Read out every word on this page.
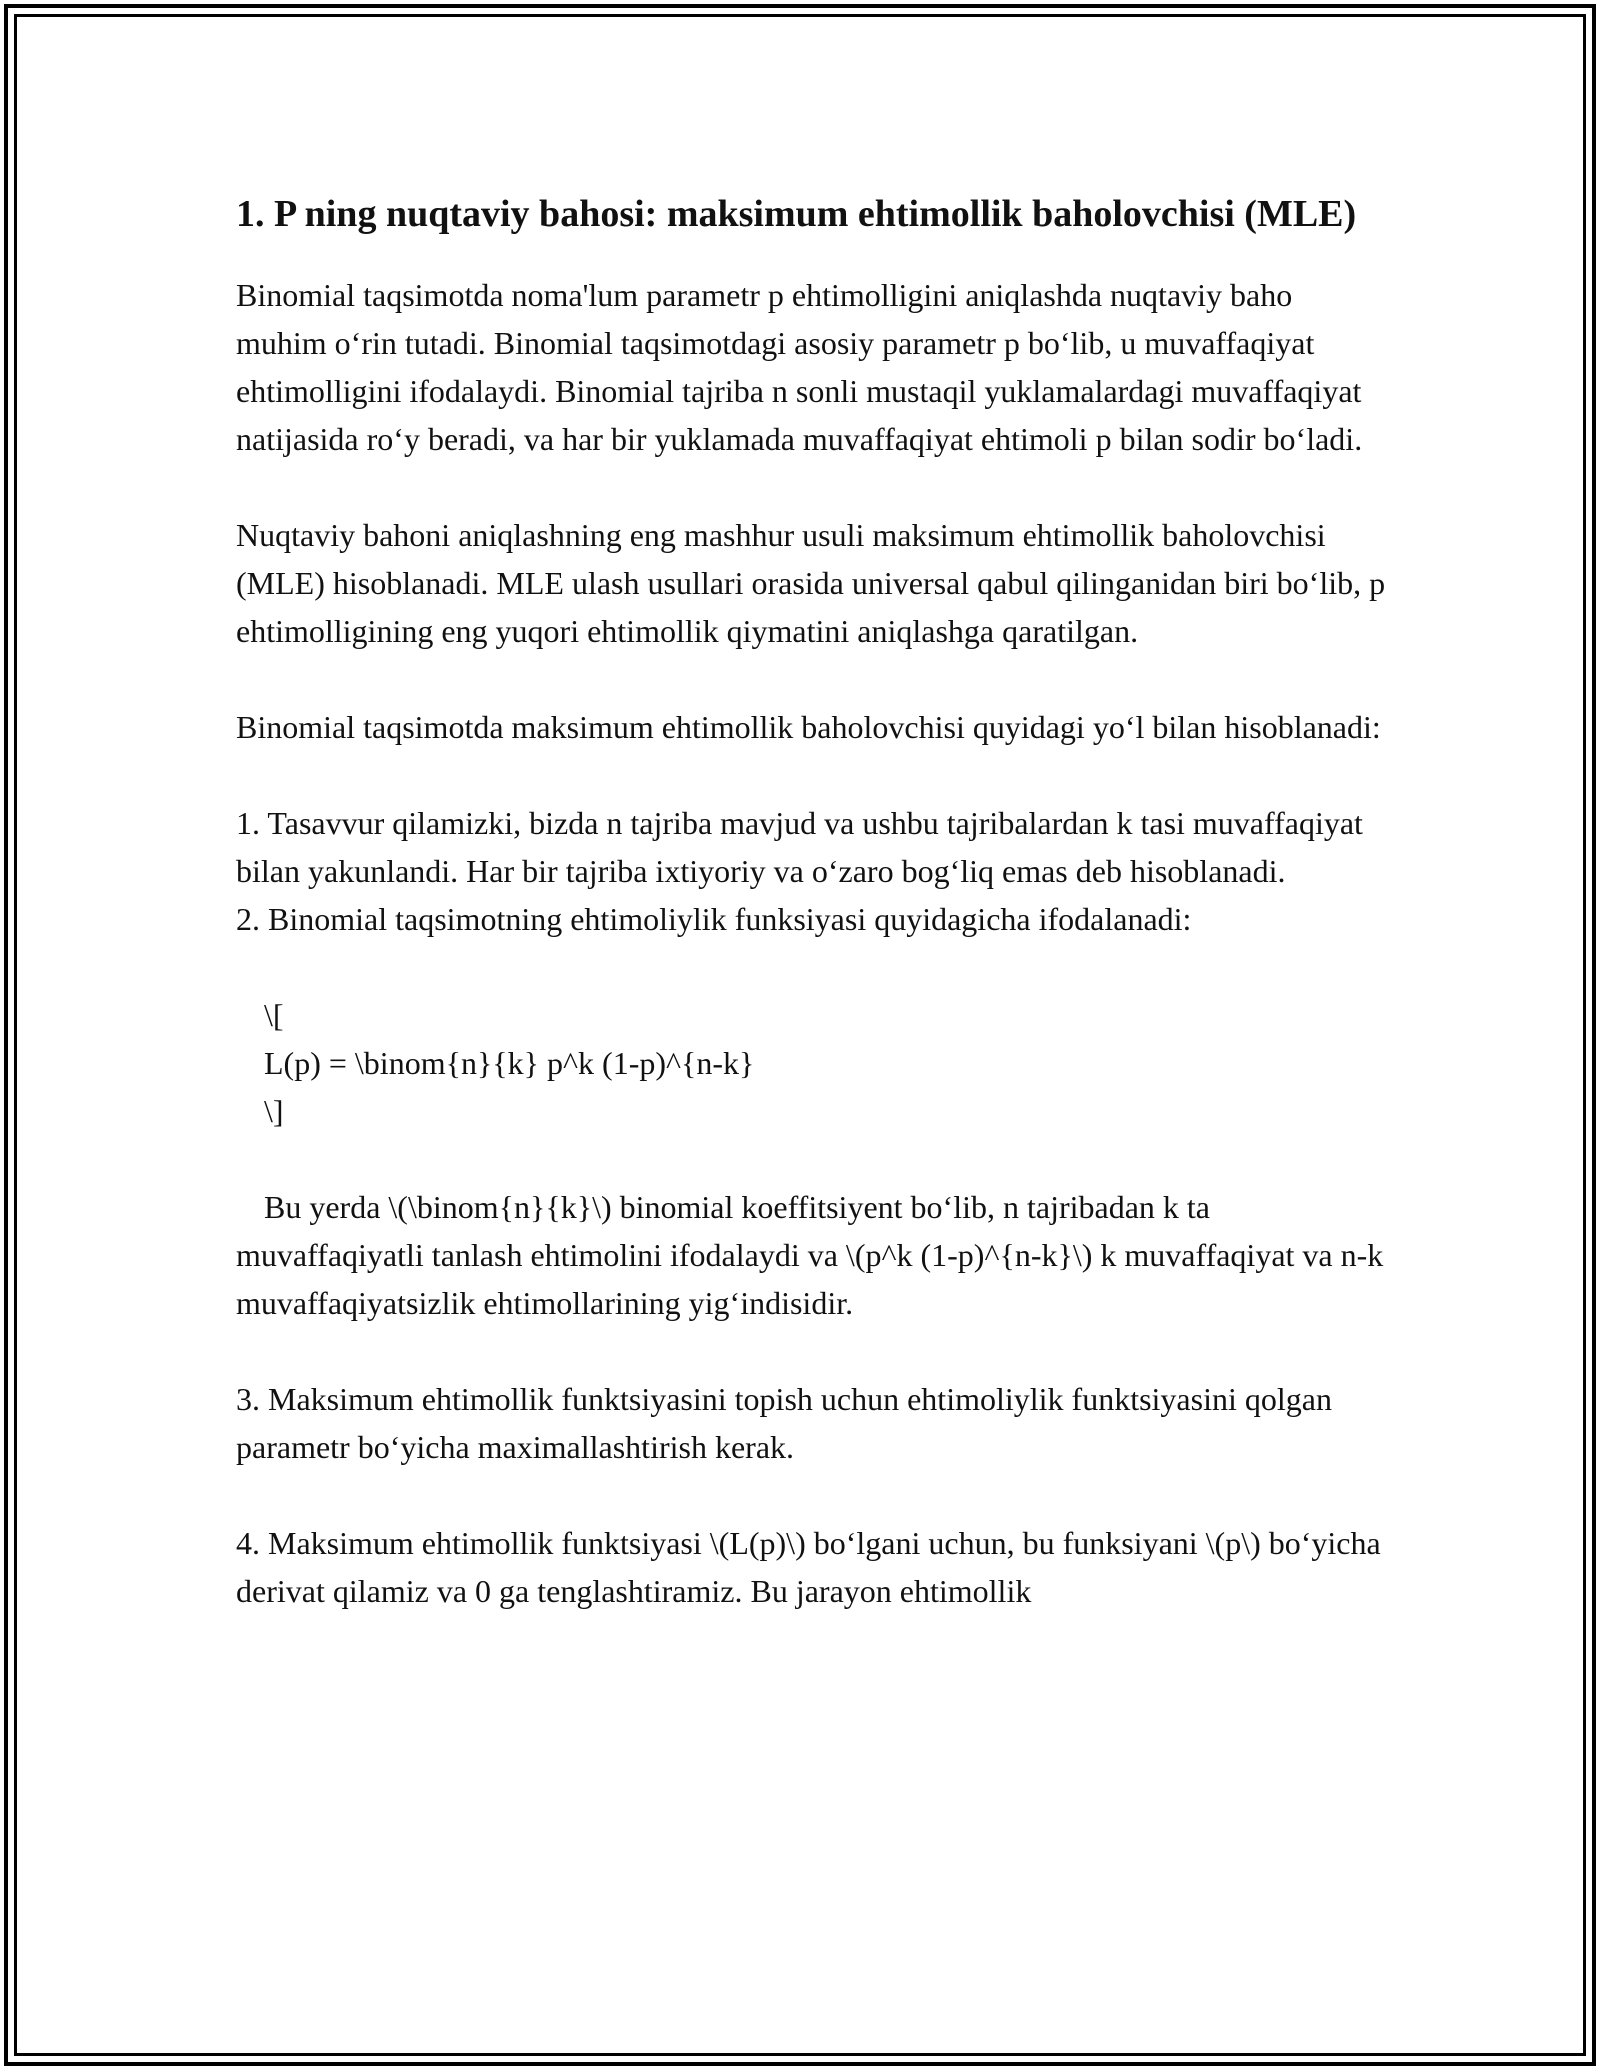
1. P ning nuqtaviy bahosi: maksimum ehtimollik baholovchisi (MLE)

Binomial taqsimotda noma'lum parametr p ehtimolligini aniqlashda nuqtaviy baho muhim o‘rin tutadi. Binomial taqsimotdagi asosiy parametr p bo‘lib, u muvaffaqiyat ehtimolligini ifodalaydi. Binomial tajriba n sonli mustaqil yuklamalardagi muvaffaqiyat natijasida ro‘y beradi, va har bir yuklamada muvaffaqiyat ehtimoli p bilan sodir bo‘ladi.

Nuqtaviy bahoni aniqlashning eng mashhur usuli maksimum ehtimollik baholovchisi (MLE) hisoblanadi. MLE ulash usullari orasida universal qabul qilinganidan biri bo‘lib, p ehtimolligining eng yuqori ehtimollik qiymatini aniqlashga qaratilgan.

Binomial taqsimotda maksimum ehtimollik baholovchisi quyidagi yo‘l bilan hisoblanadi:

1. Tasavvur qilamizki, bizda n tajriba mavjud va ushbu tajribalardan k tasi muvaffaqiyat bilan yakunlandi. Har bir tajriba ixtiyoriy va o‘zaro bog‘liq emas deb hisoblanadi.

2. Binomial taqsimotning ehtimoliylik funksiyasi quyidagicha ifodalanadi:

\[
L(p) = \binom{n}{k} p^k (1-p)^{n-k}
\]

Bu yerda \(\binom{n}{k}\) binomial koeffitsiyent bo‘lib, n tajribadan k ta muvaffaqiyatli tanlash ehtimolini ifodalaydi va \(p^k (1-p)^{n-k}\) k muvaffaqiyat va n-k muvaffaqiyatsizlik ehtimollarining yig‘indisidir.

3. Maksimum ehtimollik funktsiyasini topish uchun ehtimoliylik funktsiyasini qolgan parametr bo‘yicha maximallashtirish kerak.

4. Maksimum ehtimollik funktsiyasi \(L(p)\) bo‘lgani uchun, bu funksiyani \(p\) bo‘yicha derivat qilamiz va 0 ga tenglashtiramiz. Bu jarayon ehtimollik
